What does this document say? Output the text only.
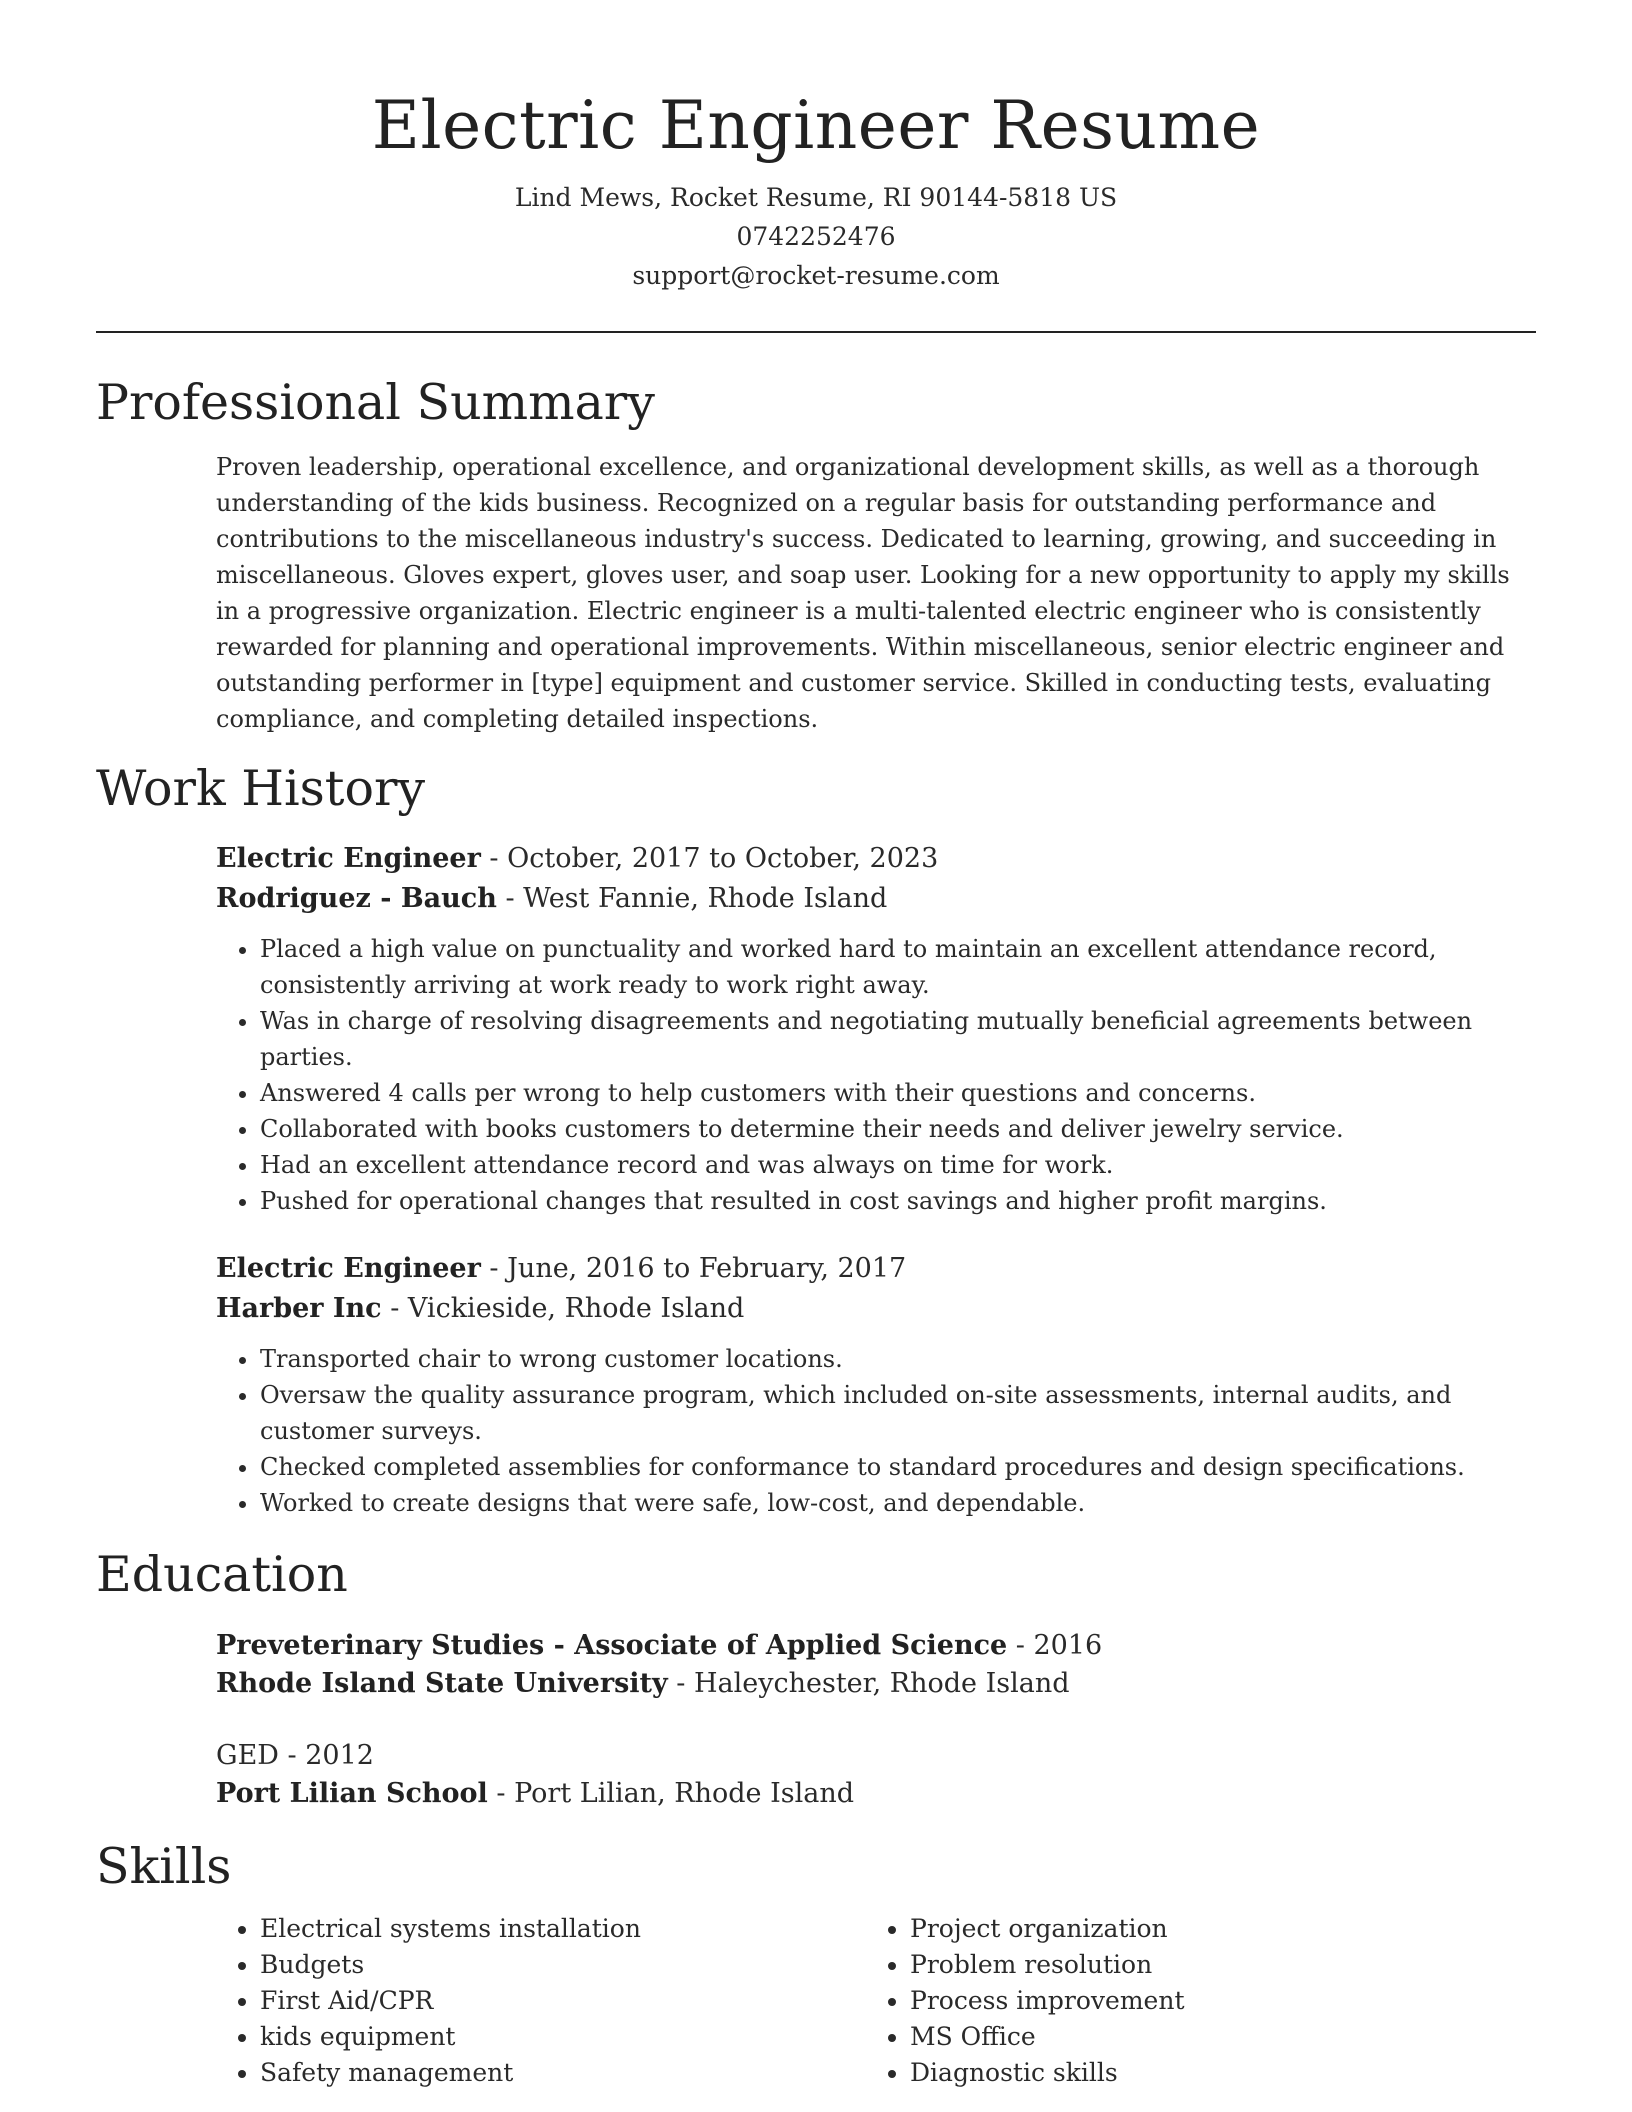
Electric Engineer Resume
Lind Mews, Rocket Resume, RI 90144-5818 US
0742252476
support@rocket-resume.com
Professional Summary
Proven leadership, operational excellence, and organizational development skills, as well as a thorough understanding of the kids business. Recognized on a regular basis for outstanding performance and contributions to the miscellaneous industry's success. Dedicated to learning, growing, and succeeding in miscellaneous. Gloves expert, gloves user, and soap user. Looking for a new opportunity to apply my skills in a progressive organization. Electric engineer is a multi-talented electric engineer who is consistently rewarded for planning and operational improvements. Within miscellaneous, senior electric engineer and outstanding performer in [type] equipment and customer service. Skilled in conducting tests, evaluating compliance, and completing detailed inspections.
Work History
Electric Engineer - October, 2017 to October, 2023
Rodriguez - Bauch - West Fannie, Rhode Island
• Placed a high value on punctuality and worked hard to maintain an excellent attendance record, consistently arriving at work ready to work right away.
• Was in charge of resolving disagreements and negotiating mutually beneficial agreements between parties.
• Answered 4 calls per wrong to help customers with their questions and concerns.
• Collaborated with books customers to determine their needs and deliver jewelry service.
• Had an excellent attendance record and was always on time for work.
• Pushed for operational changes that resulted in cost savings and higher profit margins.
Electric Engineer - June, 2016 to February, 2017
Harber Inc - Vickieside, Rhode Island
• Transported chair to wrong customer locations.
• Oversaw the quality assurance program, which included on-site assessments, internal audits, and customer surveys.
• Checked completed assemblies for conformance to standard procedures and design specifications.
• Worked to create designs that were safe, low-cost, and dependable.
Education
Preveterinary Studies - Associate of Applied Science - 2016
Rhode Island State University - Haleychester, Rhode Island
GED - 2012
Port Lilian School - Port Lilian, Rhode Island
Skills
• Electrical systems installation
• Budgets
• First Aid/CPR
• kids equipment
• Safety management
• Project organization
• Problem resolution
• Process improvement
• MS Office
• Diagnostic skills
